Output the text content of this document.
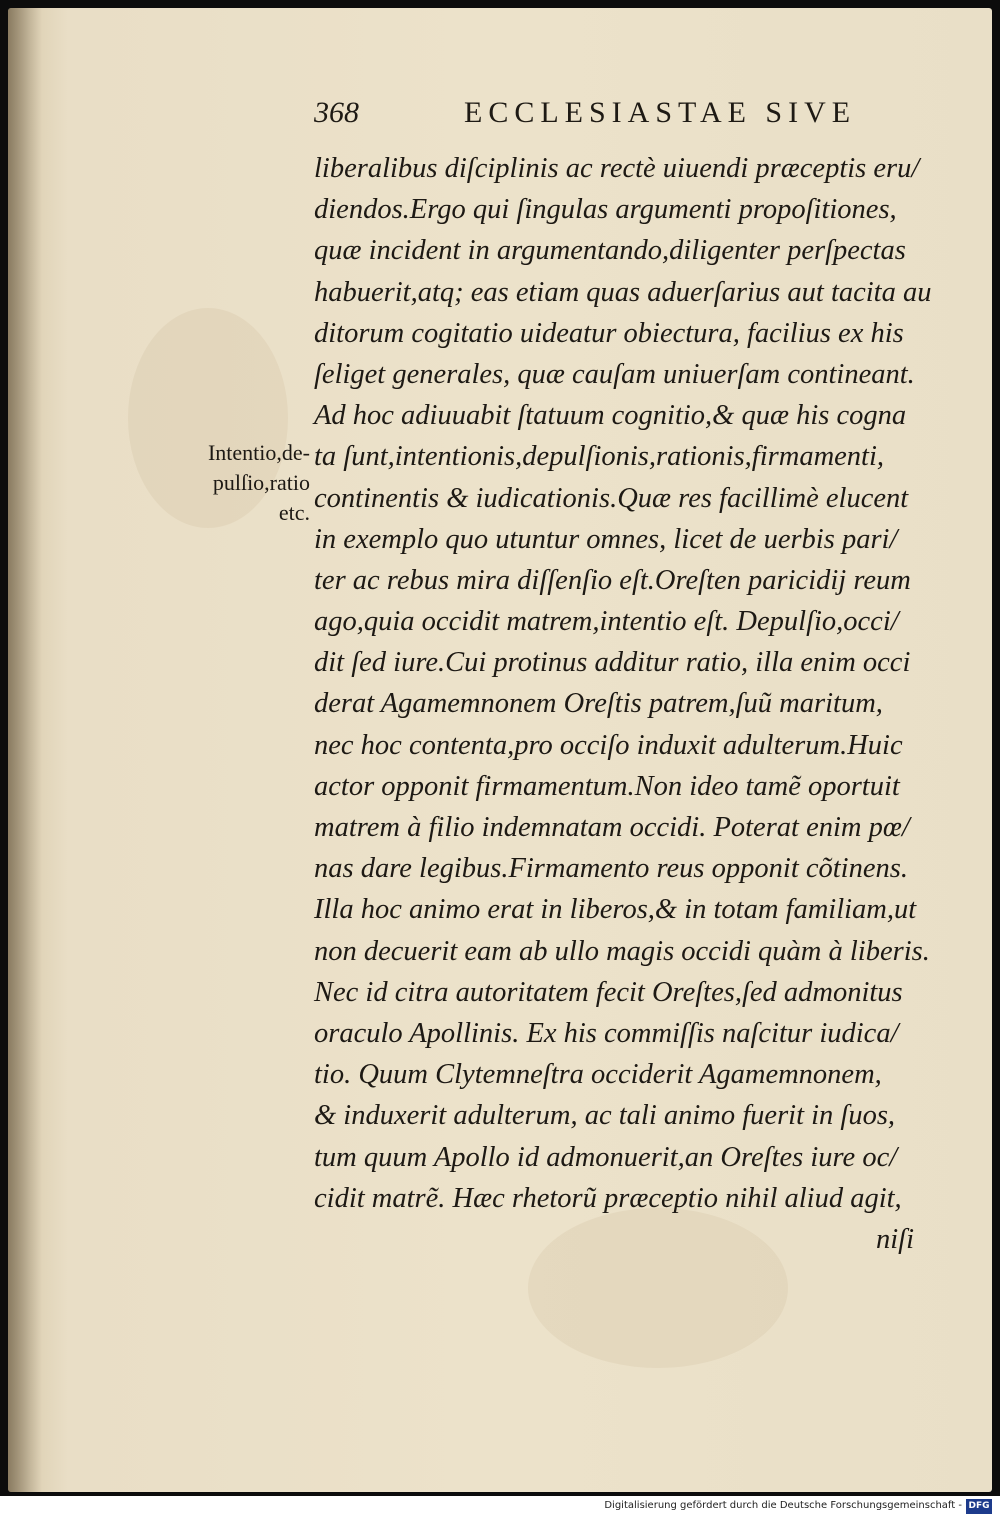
368	ECCLESIASTAE SIVE
Intentio,de-
pulſio,ratio
etc.
liberalibus diſciplinis ac rectè uiuendi præceptis eru/
diendos.Ergo qui ſingulas argumenti propoſitiones,
quæ incident in argumentando,diligenter perſpectas
habuerit,atq; eas etiam quas aduerſarius aut tacita au
ditorum cogitatio uideatur obiectura, facilius ex his
ſeliget generales, quæ cauſam uniuerſam contineant.
Ad hoc adiuuabit ſtatuum cognitio,& quæ his cogna
ta ſunt,intentionis,depulſionis,rationis,firmamenti,
continentis & iudicationis.Quæ res facillimè elucent
in exemplo quo utuntur omnes, licet de uerbis pari/
ter ac rebus mira diſſenſio eſt.Oreſten paricidij reum
ago,quia occidit matrem,intentio eſt. Depulſio,occi/
dit ſed iure.Cui protinus additur ratio, illa enim occi
derat Agamemnonem Oreſtis patrem,ſuũ maritum,
nec hoc contenta,pro occiſo induxit adulterum.Huic
actor opponit firmamentum.Non ideo tamẽ oportuit
matrem à filio indemnatam occidi. Poterat enim pœ/
nas dare legibus.Firmamento reus opponit cõtinens.
Illa hoc animo erat in liberos,& in totam familiam,ut
non decuerit eam ab ullo magis occidi quàm à liberis.
Nec id citra autoritatem fecit Oreſtes,ſed admonitus
oraculo Apollinis. Ex his commiſſis naſcitur iudica/
tio. Quum Clytemneſtra occiderit Agamemnonem,
& induxerit adulterum, ac tali animo fuerit in ſuos,
tum quum Apollo id admonuerit,an Oreſtes iure oc/
cidit matrẽ. Hæc rhetorũ præceptio nihil aliud agit,
niſi
Digitalisierung gefördert durch die Deutsche Forschungsgemeinschaft - DFG
